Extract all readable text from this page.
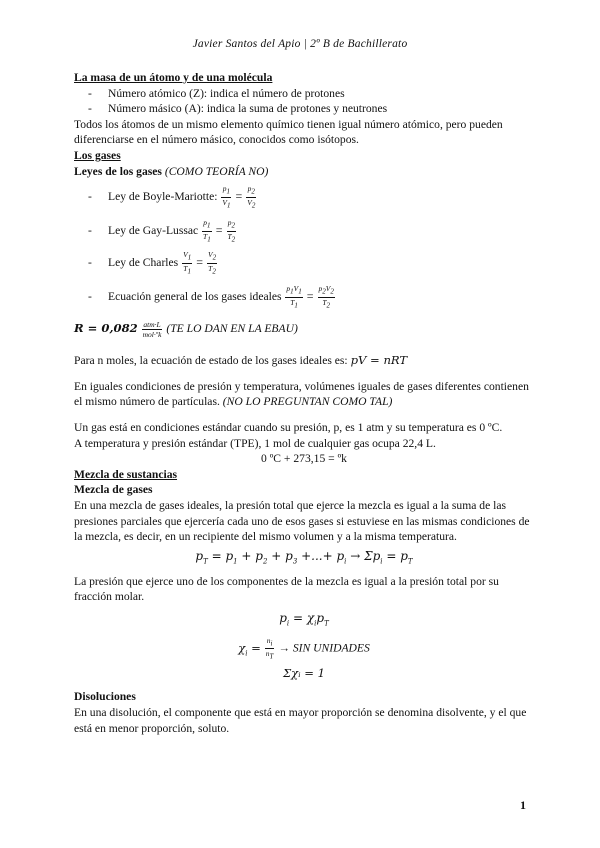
Javier Santos del Apio | 2º B de Bachillerato

La masa de un átomo y de una molécula

- Número atómico (Z): indica el número de protones
- Número másico (A): indica la suma de protones y neutrones

Todos los átomos de un mismo elemento químico tienen igual número atómico, pero pueden diferenciarse en el número másico, conocidos como isótopos.

Los gases

Leyes de los gases (COMO TEORÍA NO)

- Ley de Boyle-Mariotte:
$\frac{p_1}{V_1} = \frac{p_2}{V_2}$
- Ley de Gay-Lussac
$\frac{p_1}{T_1} = \frac{p_2}{T_2}$
- Ley de Charles
$\frac{V_1}{T_1} = \frac{V_2}{T_2}$
- Ecuación general de los gases ideales
$\frac{p_1V_1}{T_1} = \frac{p_2V_2}{T_2}$
R = 0,082
atm·L
mol·ºk
(TE LO DAN EN LA EBAU)

Para n moles, la ecuación de estado de los gases ideales es: pV = nRT

En iguales condiciones de presión y temperatura, volúmenes iguales de gases diferentes contienen el mismo número de partículas. (NO LO PREGUNTAN COMO TAL)

Un gas está en condiciones estándar cuando su presión, p, es 1 atm y su temperatura es 0 ºC.

A temperatura y presión estándar (TPE), 1 mol de cualquier gas ocupa 22,4 L.

0 ºC + 273,15 = ºk

Mezcla de sustancias

Mezcla de gases

En una mezcla de gases ideales, la presión total que ejerce la mezcla es igual a la suma de las presiones parciales que ejercería cada uno de esos gases si estuviese en las mismas condiciones de la mezcla, es decir, en un recipiente del mismo volumen y a la misma temperatura.

$p_T = p_1 + p_2 + p_3$ +...+ $p_i \to \Sigma p_i = p_T$

La presión que ejerce uno de los componentes de la mezcla es igual a la presión total por su fracción molar.

$p_i = \chi_ip_T$

$\chi_i = \frac{n_i}{n_T}$ → SIN UNIDADES

Σχᵢ = 1

Disoluciones

En una disolución, el componente que está en mayor proporción se denomina disolvente, y el que está en menor proporción, soluto.

1
